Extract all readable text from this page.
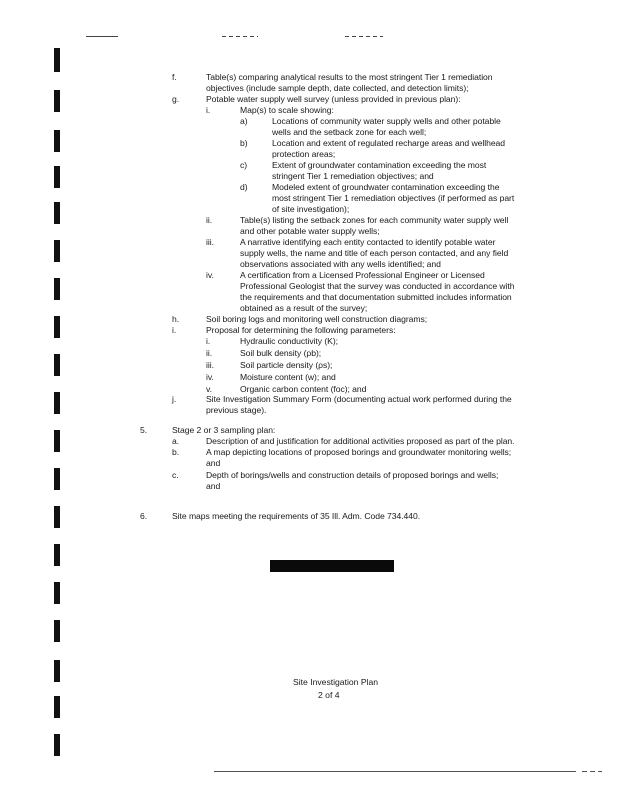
f.	Table(s) comparing analytical results to the most stringent Tier 1 remediation
objectives (include sample depth, date collected, and detection limits);
g.	Potable water supply well survey (unless provided in previous plan):
i.	Map(s) to scale showing:
a)	Locations of community water supply wells and other potable
wells and the setback zone for each well;
b)	Location and extent of regulated recharge areas and wellhead
protection areas;
c)	Extent of groundwater contamination exceeding the most
stringent Tier 1 remediation objectives; and
d)	Modeled extent of groundwater contamination exceeding the
most stringent Tier 1 remediation objectives (if performed as part
of site investigation);
ii.	Table(s) listing the setback zones for each community water supply well
and other potable water supply wells;
iii.	A narrative identifying each entity contacted to identify potable water
supply wells, the name and title of each person contacted, and any field
observations associated with any wells identified; and
iv.	A certification from a Licensed Professional Engineer or Licensed
Professional Geologist that the survey was conducted in accordance with
the requirements and that documentation submitted includes information
obtained as a result of the survey;
h.	Soil boring logs and monitoring well construction diagrams;
i.	Proposal for determining the following parameters:
i.	Hydraulic conductivity (K);
ii.	Soil bulk density (ρb);
iii.	Soil particle density (ρs);
iv.	Moisture content (w); and
v.	Organic carbon content (foc); and
j.	Site Investigation Summary Form (documenting actual work performed during the
previous stage).
5.	Stage 2 or 3 sampling plan:
a.	Description of and justification for additional activities proposed as part of the plan.
b.	A map depicting locations of proposed borings and groundwater monitoring wells;
and
c.	Depth of borings/wells and construction details of proposed borings and wells;
and
6.	Site maps meeting the requirements of 35 Ill. Adm. Code 734.440.
Site Investigation Plan
2 of 4
